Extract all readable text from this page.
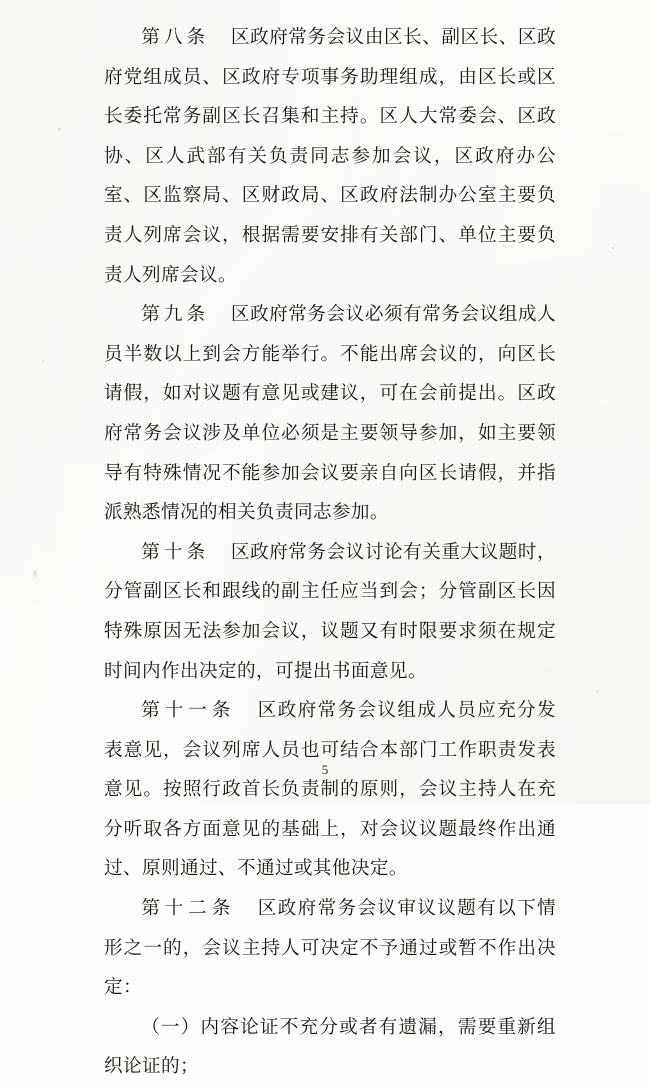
第八条 区政府常务会议由区长、副区长、区政府党组成员、区政府专项事务助理组成，由区长或区长委托常务副区长召集和主持。区人大常委会、区政协、区人武部有关负责同志参加会议，区政府办公室、区监察局、区财政局、区政府法制办公室主要负责人列席会议，根据需要安排有关部门、单位主要负责人列席会议。

第九条 区政府常务会议必须有常务会议组成人员半数以上到会方能举行。不能出席会议的，向区长请假，如对议题有意见或建议，可在会前提出。区政府常务会议涉及单位必须是主要领导参加，如主要领导有特殊情况不能参加会议要亲自向区长请假，并指派熟悉情况的相关负责同志参加。

第十条 区政府常务会议讨论有关重大议题时，分管副区长和跟线的副主任应当到会；分管副区长因特殊原因无法参加会议，议题又有时限要求须在规定时间内作出决定的，可提出书面意见。

第十一条 区政府常务会议组成人员应充分发表意见，会议列席人员也可结合本部门工作职责发表意见。按照行政首长负责制的原则，会议主持人在充分听取各方面意见的基础上，对会议议题最终作出通过、原则通过、不通过或其他决定。

第十二条 区政府常务会议审议议题有以下情形之一的，会议主持人可决定不予通过或暂不作出决定：

（一）内容论证不充分或者有遗漏，需要重新组织论证的；

5
